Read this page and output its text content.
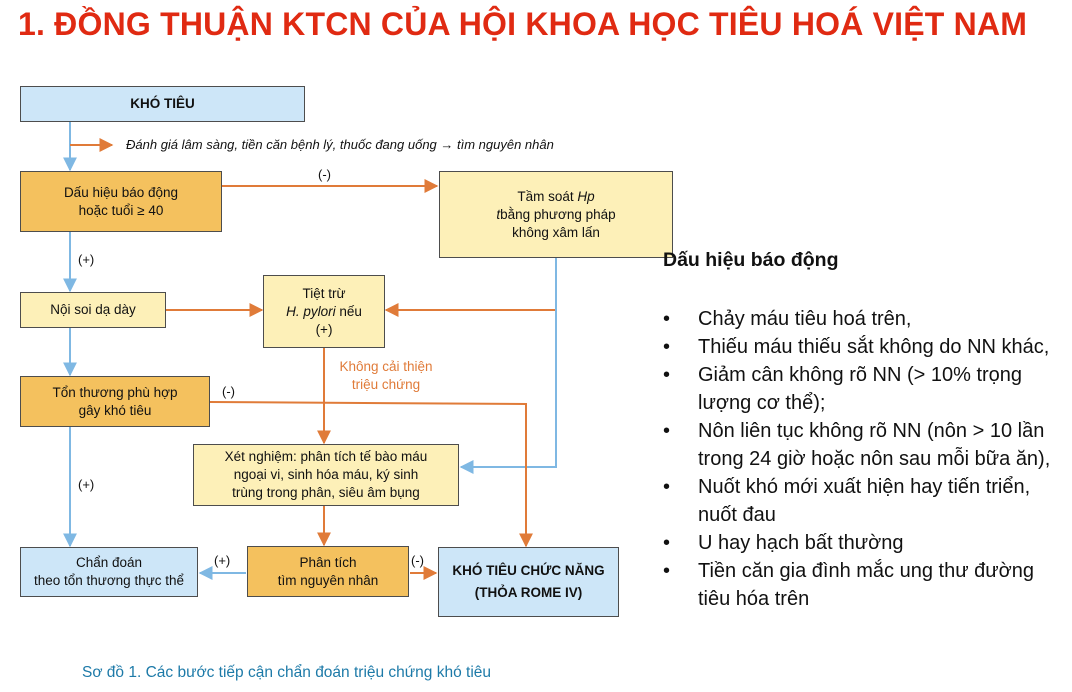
1. ĐỒNG THUẬN KTCN CỦA HỘI KHOA HỌC TIÊU HOÁ VIỆT NAM
KHÓ TIÊU
Đánh giá lâm sàng, tiền căn bệnh lý, thuốc đang uống → tìm nguyên nhân
Dấu hiệu báo động
hoặc tuổi ≥ 40
(-)
Tầm soát Hp
tbằng phương pháp
không xâm lấn
(+)
Nội soi dạ dày
Tiệt trừ
H. pylori nếu
(+)
Không cải thiện
triệu chứng
Tổn thương phù hợp
gây khó tiêu
(-)
Xét nghiệm: phân tích tế bào máu
ngoại vi, sinh hóa máu, ký sinh
trùng trong phân, siêu âm bụng
(+)
Chẩn đoán
theo tổn thương thực thể
(+)	Phân tích
tìm nguyên nhân
(-)
KHÓ TIÊU CHỨC NĂNG
(THỎA ROME IV)
Sơ đồ 1. Các bước tiếp cận chẩn đoán triệu chứng khó tiêu
Dấu hiệu báo động
• Chảy máu tiêu hoá trên,
• Thiếu máu thiếu sắt không do NN khác,
• Giảm cân không rõ NN (> 10% trọng lượng cơ thể);
• Nôn liên tục không rõ NN (nôn > 10 lần trong 24 giờ hoặc nôn sau mỗi bữa ăn),
• Nuốt khó mới xuất hiện hay tiến triển, nuốt đau
• U hay hạch bất thường
• Tiền căn gia đình mắc ung thư đường tiêu hóa trên
